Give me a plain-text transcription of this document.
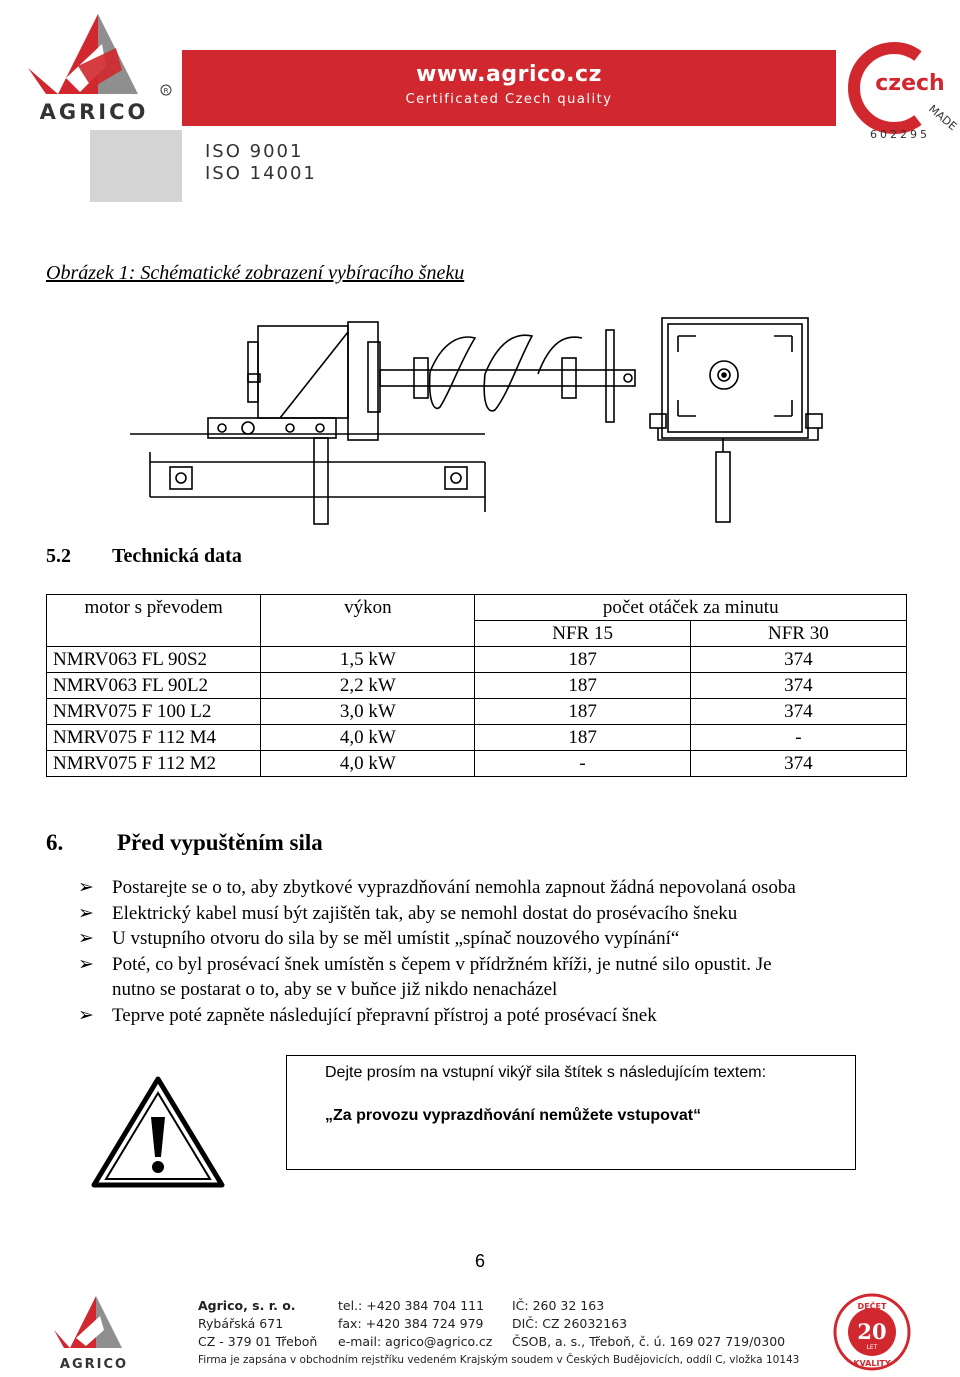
R
AGRICO
www.agrico.cz
Certificated Czech quality
ISO 9001
ISO 14001
czech
MADE
602295
Obrázek 1: Schématické zobrazení vybíracího šneku
5.2 Technická data
motor s převodem	výkon	počet otáček za minutu	
		NFR 15	NFR 30
NMRV063 FL 90S2	1,5 kW	187	374
NMRV063 FL 90L2	2,2 kW	187	374
NMRV075 F 100 L2	3,0 kW	187	374
NMRV075 F 112 M4	4,0 kW	187	-
NMRV075 F 112 M2	4,0 kW	-	374
6. Před vypuštěním sila
➢ Postarejte se o to, aby zbytkové vyprazdňování nemohla zapnout žádná nepovolaná osoba
➢ Elektrický kabel musí být zajištěn tak, aby se nemohl dostat do prosévacího šneku
➢ U vstupního otvoru do sila by se měl umístit „spínač nouzového vypínání“
➢ Poté, co byl prosévací šnek umístěn s čepem v přídržném kříži, je nutné silo opustit. Je
nutno se postarat o to, aby se v buňce již nikdo nenacházel
➢ Teprve poté zapněte následující přepravní přístroj a poté prosévací šnek
Dejte prosím na vstupní vikýř sila štítek s následujícím textem:
„Za provozu vyprazdňování nemůžete vstupovat“
6
AGRICO
Agrico, s. r. o.
Rybářská 671
CZ - 379 01 Třeboň
tel.: +420 384 704 111
fax: +420 384 724 979
e-mail: agrico@agrico.cz
IČ: 260 32 163
DIČ: CZ 26032163
ČSOB, a. s., Třeboň, č. ú. 169 027 719/0300
Firma je zapsána v obchodním rejstříku vedeném Krajským soudem v Českých Budějovicích, oddíl C, vložka 10143
DEČET
20
LET
KVALITY
